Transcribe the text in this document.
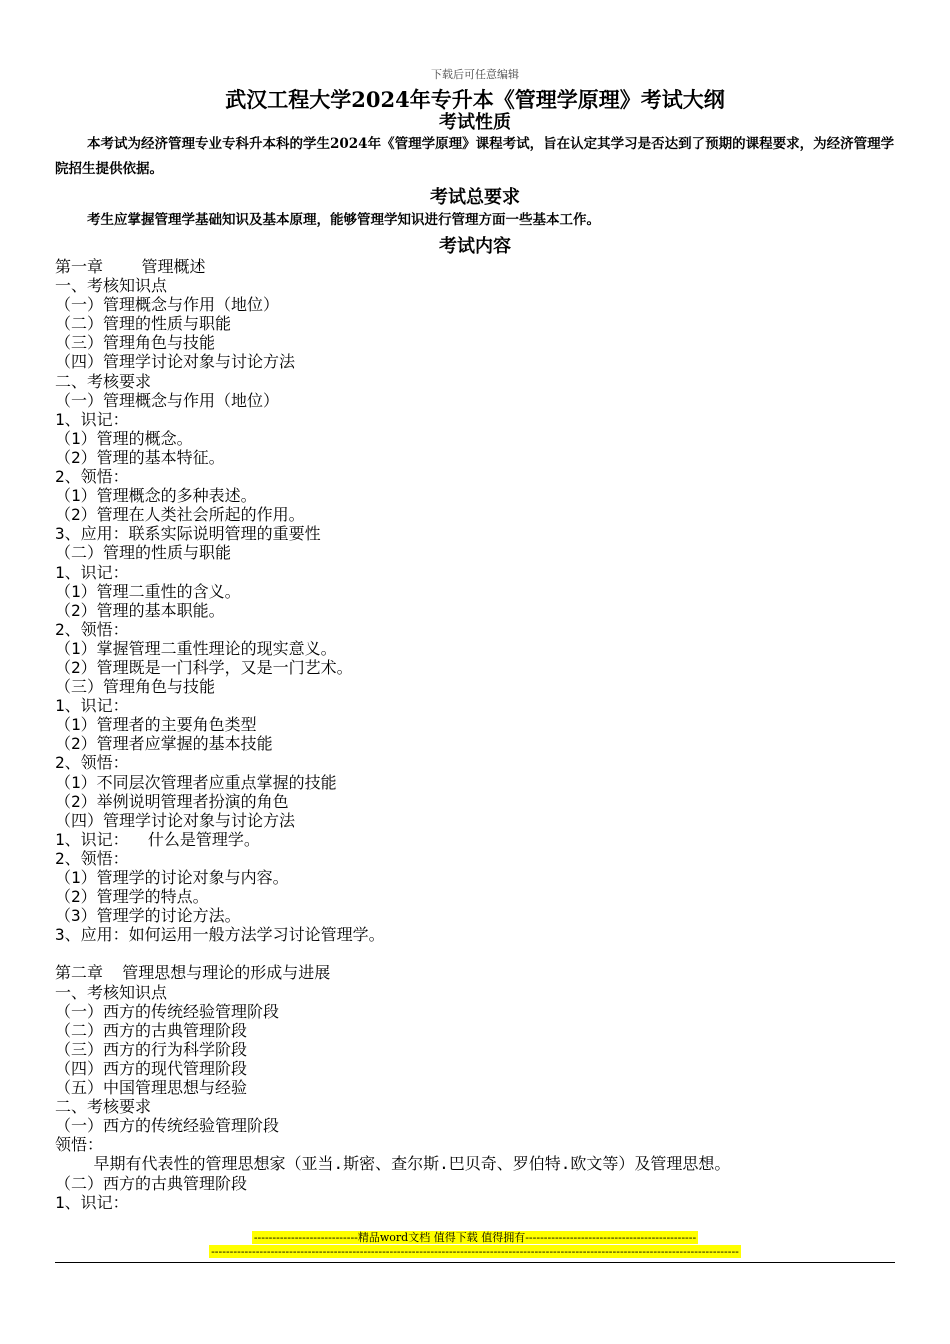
下载后可任意编辑
武汉工程大学2024年专升本《管理学原理》考试大纲
考试性质
本考试为经济管理专业专科升本科的学生2024年《管理学原理》课程考试，旨在认定其学习是否达到了预期的课程要求，为经济管理学院招生提供依据。
考试总要求
考生应掌握管理学基础知识及基本原理，能够管理学知识进行管理方面一些基本工作。
考试内容
第一章    管理概述
一、考核知识点
（一）管理概念与作用（地位）
（二）管理的性质与职能
（三）管理角色与技能
（四）管理学讨论对象与讨论方法
二、考核要求
（一）管理概念与作用（地位）
1、识记：
（1）管理的概念。
（2）管理的基本特征。
2、领悟：
（1）管理概念的多种表述。
（2）管理在人类社会所起的作用。
3、应用：联系实际说明管理的重要性
（二）管理的性质与职能
1、识记：
（1）管理二重性的含义。
（2）管理的基本职能。
2、领悟：
（1）掌握管理二重性理论的现实意义。
（2）管理既是一门科学，又是一门艺术。
（三）管理角色与技能
1、识记：
（1）管理者的主要角色类型
（2）管理者应掌握的基本技能
2、领悟：
（1）不同层次管理者应重点掌握的技能
（2）举例说明管理者扮演的角色
（四）管理学讨论对象与讨论方法
1、识记：  什么是管理学。
2、领悟：
（1）管理学的讨论对象与内容。
（2）管理学的特点。
（3）管理学的讨论方法。
3、应用：如何运用一般方法学习讨论管理学。
第二章  管理思想与理论的形成与进展
一、考核知识点
（一）西方的传统经验管理阶段
（二）西方的古典管理阶段
（三）西方的行为科学阶段
（四）西方的现代管理阶段
（五）中国管理思想与经验
二、考核要求
（一）西方的传统经验管理阶段
领悟：
早期有代表性的管理思想家（亚当.斯密、查尔斯.巴贝奇、罗伯特.欧文等）及管理思想。
（二）西方的古典管理阶段
1、识记：
----------------------------精品word文档 值得下载 值得拥有----------------------------------------------
----------------------------------------------------------------------------------------------------------------------------------------------
